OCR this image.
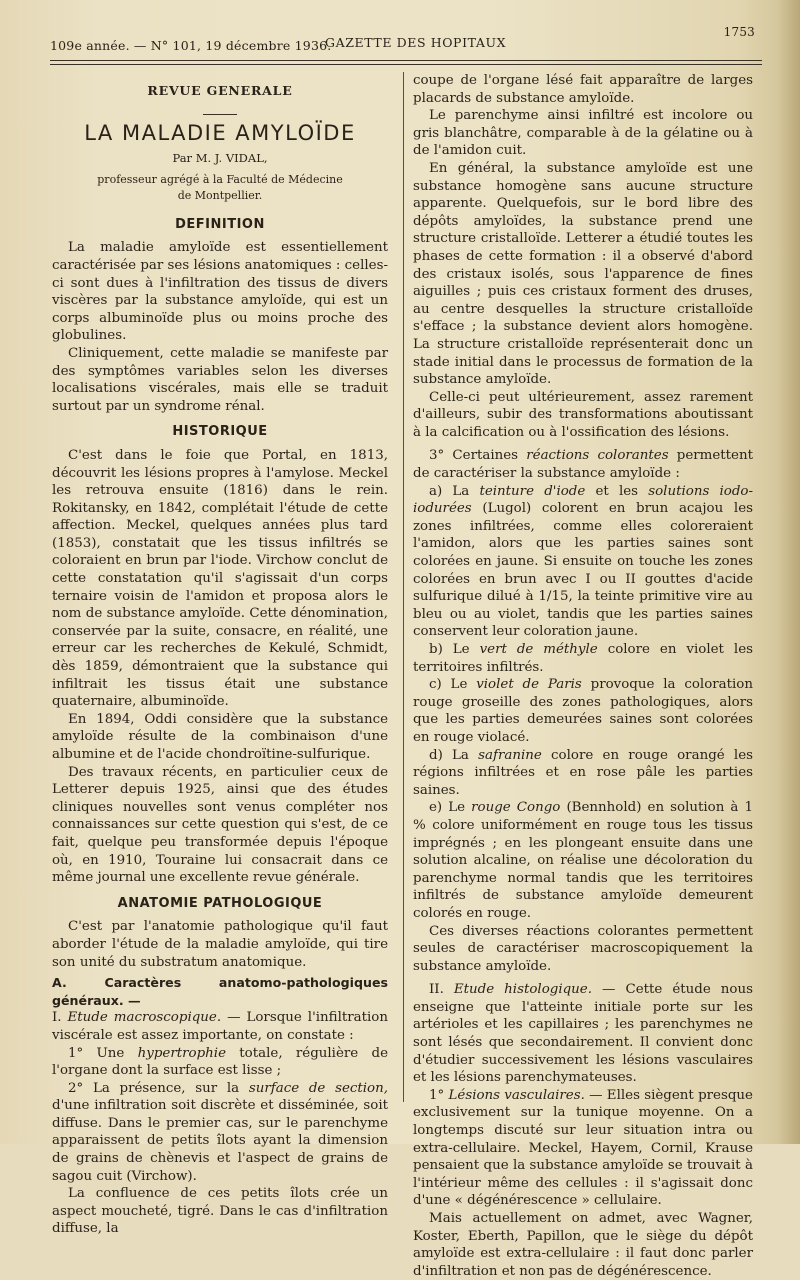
109e année. — N° 101, 19 décembre 1936.
GAZETTE DES HOPITAUX
1753
REVUE GENERALE
LA MALADIE AMYLOÏDE

Par M. J. VIDAL,

professeur agrégé à la Faculté de Médecine
de Montpellier.
DEFINITION

La maladie amyloïde est essentiellement caractérisée par ses lésions anatomiques : celles-ci sont dues à l'infiltration des tissus de divers viscères par la substance amyloïde, qui est un corps albuminoïde plus ou moins proche des globulines.

Cliniquement, cette maladie se manifeste par des symptômes variables selon les diverses localisations viscérales, mais elle se traduit surtout par un syndrome rénal.

HISTORIQUE

C'est dans le foie que Portal, en 1813, découvrit les lésions propres à l'amylose. Meckel les retrouva ensuite (1816) dans le rein. Rokitansky, en 1842, complétait l'étude de cette affection. Meckel, quelques années plus tard (1853), constatait que les tissus infiltrés se coloraient en brun par l'iode. Virchow conclut de cette constatation qu'il s'agissait d'un corps ternaire voisin de l'amidon et proposa alors le nom de substance amyloïde. Cette dénomination, conservée par la suite, consacre, en réalité, une erreur car les recherches de Kekulé, Schmidt, dès 1859, démontraient que la substance qui infiltrait les tissus était une substance quaternaire, albuminoïde.

En 1894, Oddi considère que la substance amyloïde résulte de la combinaison d'une albumine et de l'acide chondroïtine-sulfurique.

Des travaux récents, en particulier ceux de Letterer depuis 1925, ainsi que des études cliniques nouvelles sont venus compléter nos connaissances sur cette question qui s'est, de ce fait, quelque peu transformée depuis l'époque où, en 1910, Touraine lui consacrait dans ce même journal une excellente revue générale.

ANATOMIE PATHOLOGIQUE

C'est par l'anatomie pathologique qu'il faut aborder l'étude de la maladie amyloïde, qui tire son unité du substratum anatomique.

A. Caractères anatomo-pathologiques généraux. —

I. Etude macroscopique. — Lorsque l'infiltration viscérale est assez importante, on constate :

1° Une hypertrophie totale, régulière de l'organe dont la surface est lisse ;

2° La présence, sur la surface de section, d'une infiltration soit discrète et disséminée, soit diffuse. Dans le premier cas, sur le parenchyme apparaissent de petits îlots ayant la dimension de grains de chènevis et l'aspect de grains de sagou cuit (Virchow).

La confluence de ces petits îlots crée un aspect moucheté, tigré. Dans le cas d'infiltration diffuse, la

coupe de l'organe lésé fait apparaître de larges placards de substance amyloïde.

Le parenchyme ainsi infiltré est incolore ou gris blanchâtre, comparable à de la gélatine ou à de l'amidon cuit.

En général, la substance amyloïde est une substance homogène sans aucune structure apparente. Quelquefois, sur le bord libre des dépôts amyloïdes, la substance prend une structure cristalloïde. Letterer a étudié toutes les phases de cette formation : il a observé d'abord des cristaux isolés, sous l'apparence de fines aiguilles ; puis ces cristaux forment des druses, au centre desquelles la structure cristalloïde s'efface ; la substance devient alors homogène. La structure cristalloïde représenterait donc un stade initial dans le processus de formation de la substance amyloïde.

Celle-ci peut ultérieurement, assez rarement d'ailleurs, subir des transformations aboutissant à la calcification ou à l'ossification des lésions.

3° Certaines réactions colorantes permettent de caractériser la substance amyloïde :

a) La teinture d'iode et les solutions iodo-iodurées (Lugol) colorent en brun acajou les zones infiltrées, comme elles coloreraient l'amidon, alors que les parties saines sont colorées en jaune. Si ensuite on touche les zones colorées en brun avec I ou II gouttes d'acide sulfurique dilué à 1/15, la teinte primitive vire au bleu ou au violet, tandis que les parties saines conservent leur coloration jaune.

b) Le vert de méthyle colore en violet les territoires infiltrés.

c) Le violet de Paris provoque la coloration rouge groseille des zones pathologiques, alors que les parties demeurées saines sont colorées en rouge violacé.

d) La safranine colore en rouge orangé les régions infiltrées et en rose pâle les parties saines.

e) Le rouge Congo (Bennhold) en solution à 1 % colore uniformément en rouge tous les tissus imprégnés ; en les plongeant ensuite dans une solution alcaline, on réalise une décoloration du parenchyme normal tandis que les territoires infiltrés de substance amyloïde demeurent colorés en rouge.

Ces diverses réactions colorantes permettent seules de caractériser macroscopiquement la substance amyloïde.

II. Etude histologique. — Cette étude nous enseigne que l'atteinte initiale porte sur les artérioles et les capillaires ; les parenchymes ne sont lésés que secondairement. Il convient donc d'étudier successivement les lésions vasculaires et les lésions parenchymateuses.

1° Lésions vasculaires. — Elles siègent presque exclusivement sur la tunique moyenne. On a longtemps discuté sur leur situation intra ou extra-cellulaire. Meckel, Hayem, Cornil, Krause pensaient que la substance amyloïde se trouvait à l'intérieur même des cellules : il s'agissait donc d'une « dégénérescence » cellulaire.

Mais actuellement on admet, avec Wagner, Koster, Eberth, Papillon, que le siège du dépôt amyloïde est extra-cellulaire : il faut donc parler d'infiltration et non pas de dégénérescence.
